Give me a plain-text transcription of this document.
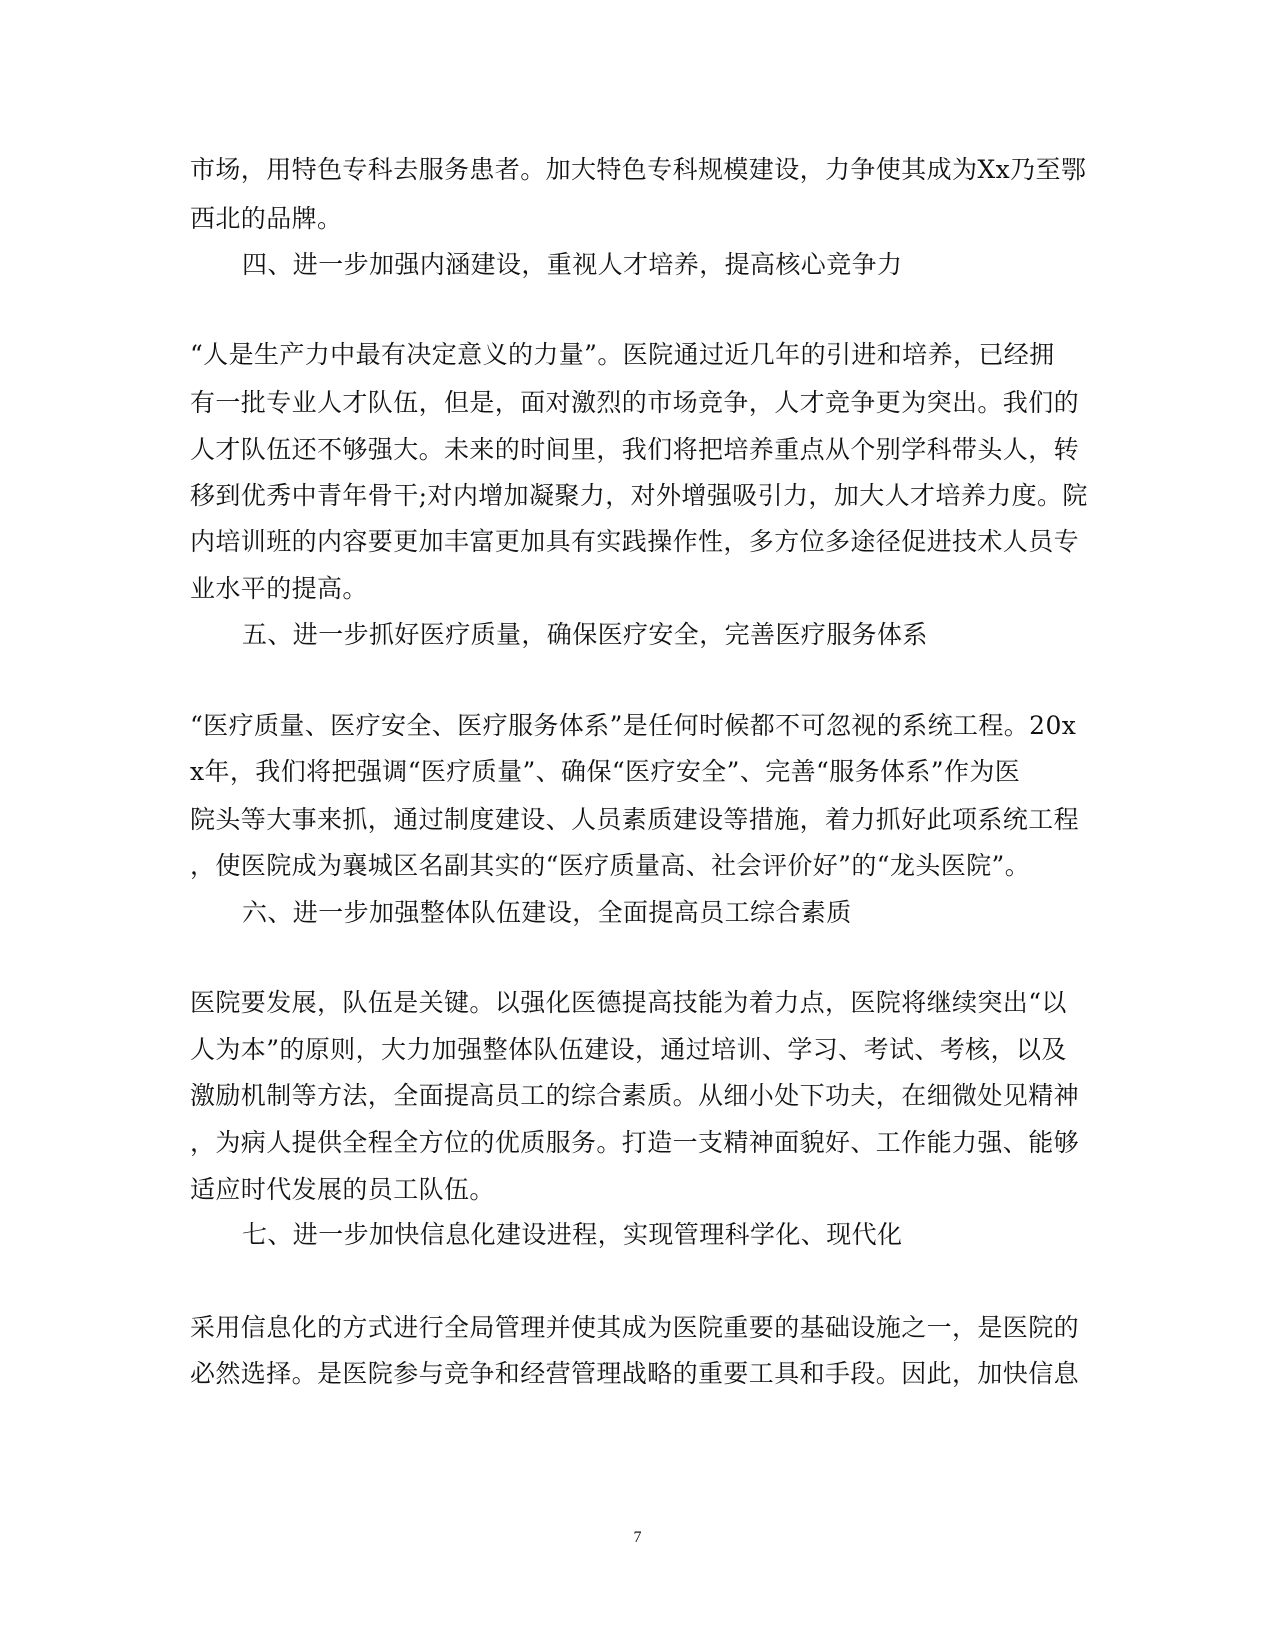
市场，用特色专科去服务患者。加大特色专科规模建设，力争使其成为Xx乃至鄂
西北的品牌。
四、进一步加强内涵建设，重视人才培养，提高核心竞争力
“人是生产力中最有决定意义的力量”。医院通过近几年的引进和培养，已经拥
有一批专业人才队伍，但是，面对激烈的市场竞争，人才竞争更为突出。我们的
人才队伍还不够强大。未来的时间里，我们将把培养重点从个别学科带头人，转
移到优秀中青年骨干;对内增加凝聚力，对外增强吸引力，加大人才培养力度。院
内培训班的内容要更加丰富更加具有实践操作性，多方位多途径促进技术人员专
业水平的提高。
五、进一步抓好医疗质量，确保医疗安全，完善医疗服务体系
“医疗质量、医疗安全、医疗服务体系”是任何时候都不可忽视的系统工程。20x
x年，我们将把强调“医疗质量”、确保“医疗安全”、完善“服务体系”作为医
院头等大事来抓，通过制度建设、人员素质建设等措施，着力抓好此项系统工程
，使医院成为襄城区名副其实的“医疗质量高、社会评价好”的“龙头医院”。
六、进一步加强整体队伍建设，全面提高员工综合素质
医院要发展，队伍是关键。以强化医德提高技能为着力点，医院将继续突出“以
人为本”的原则，大力加强整体队伍建设，通过培训、学习、考试、考核，以及
激励机制等方法，全面提高员工的综合素质。从细小处下功夫，在细微处见精神
，为病人提供全程全方位的优质服务。打造一支精神面貌好、工作能力强、能够
适应时代发展的员工队伍。
七、进一步加快信息化建设进程，实现管理科学化、现代化
采用信息化的方式进行全局管理并使其成为医院重要的基础设施之一，是医院的
必然选择。是医院参与竞争和经营管理战略的重要工具和手段。因此，加快信息
7
